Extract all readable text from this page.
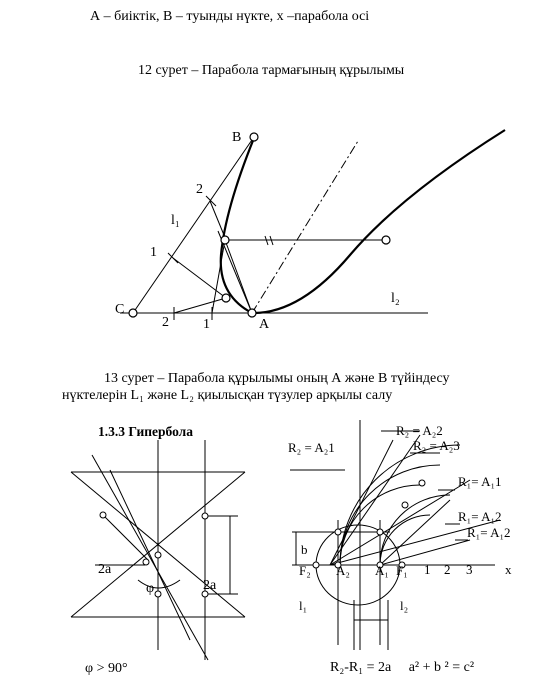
А – биіктік, В – туынды нүкте, х –парабола осі
12 сурет – Парабола тармағының құрылымы
13 сурет – Парабола құрылымы оның А және В түйіндесу
нүктелерін L₁ және L₂ қиылысқан түзулер арқылы салу
1.3.3 Гипербола
φ > 90°	R₂-R₁ = 2a a² + b ² = c²
B
C
A
l₁
l₂
2
1
2 1
2a
φ	2a
R₂ = A₂1
R₂ = A₂2
R₂ = A₂3
R₁= A₁1
R₁= A₁2
R₁= A₁2
b
F₂ A₂ A₁ F₁ 1 2 3	x
l₁	l₂
